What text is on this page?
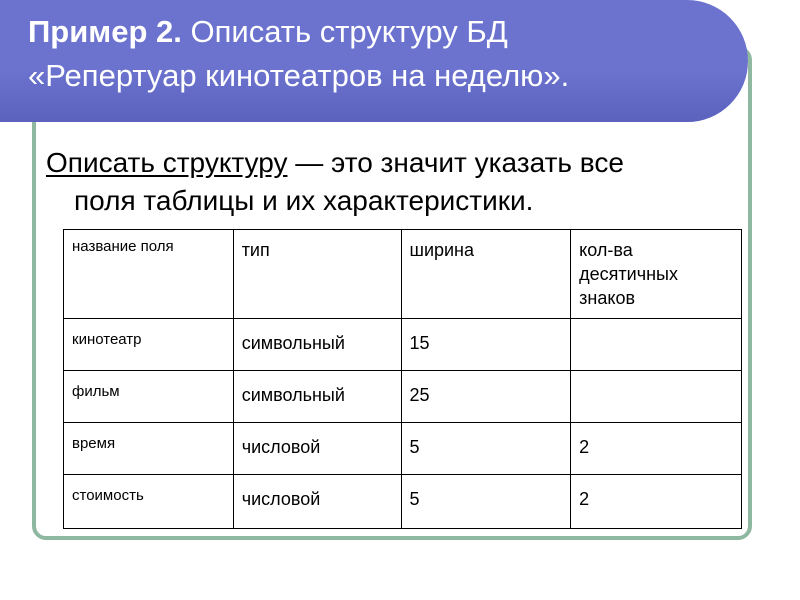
Пример 2. Описать структуру БД
«Репертуар кинотеатров на неделю».
Описать структуру — это значит указать все
поля таблицы и их характеристики.
название поля	тип	ширина	кол-ва десятичных знаков
кинотеатр	символьный	15	
фильм	символьный	25	
время	числовой	5	2
стоимость	числовой	5	2
